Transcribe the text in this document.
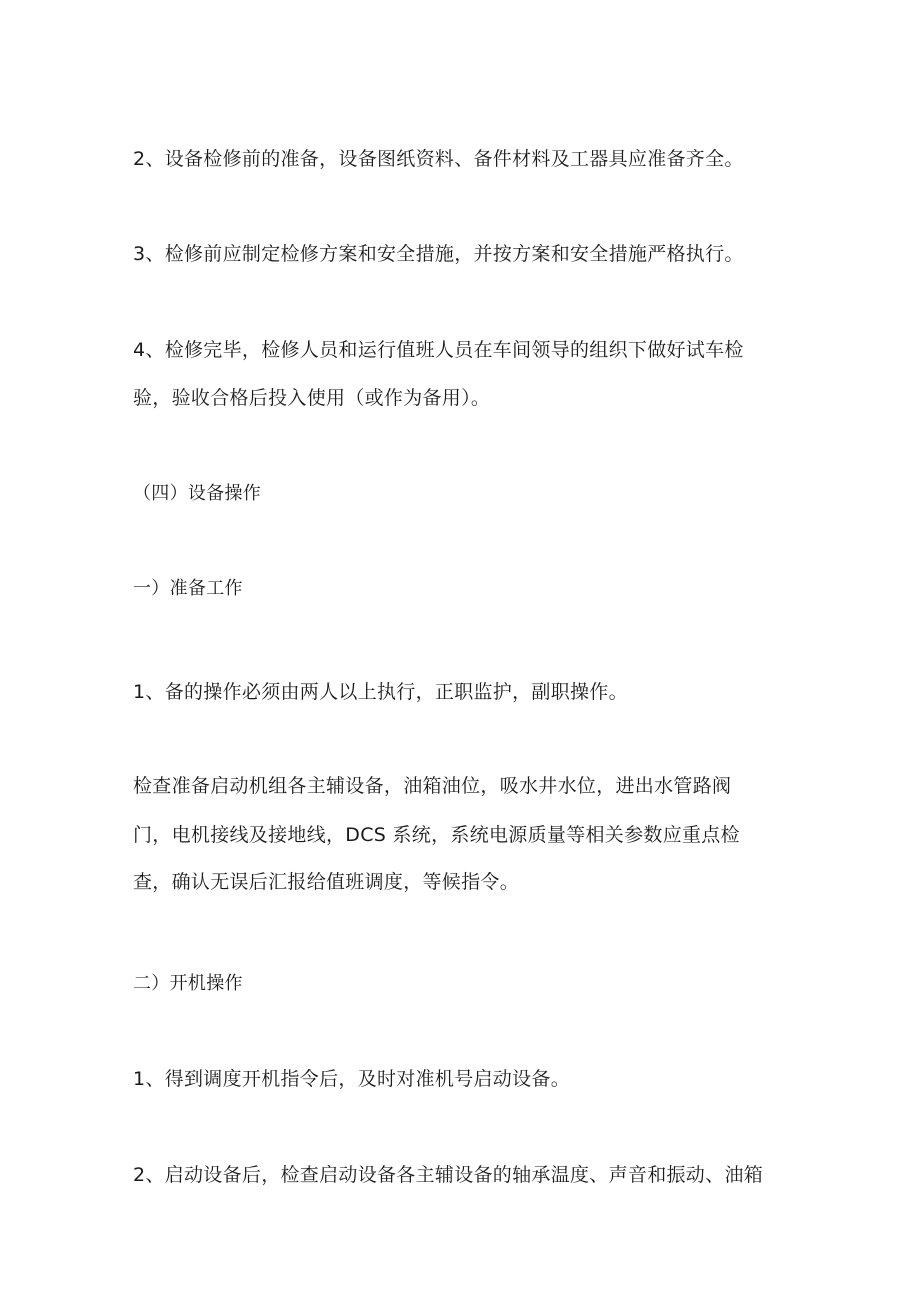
2、设备检修前的准备，设备图纸资料、备件材料及工器具应准备齐全。
3、检修前应制定检修方案和安全措施，并按方案和安全措施严格执行。
4、检修完毕，检修人员和运行值班人员在车间领导的组织下做好试车检
验，验收合格后投入使用（或作为备用）。
（四）设备操作
一）准备工作
1、备的操作必须由两人以上执行，正职监护，副职操作。
检查准备启动机组各主辅设备，油箱油位，吸水井水位，进出水管路阀
门，电机接线及接地线，DCS 系统，系统电源质量等相关参数应重点检
查，确认无误后汇报给值班调度，等候指令。
二）开机操作
1、得到调度开机指令后，及时对准机号启动设备。
2、启动设备后，检查启动设备各主辅设备的轴承温度、声音和振动、油箱
